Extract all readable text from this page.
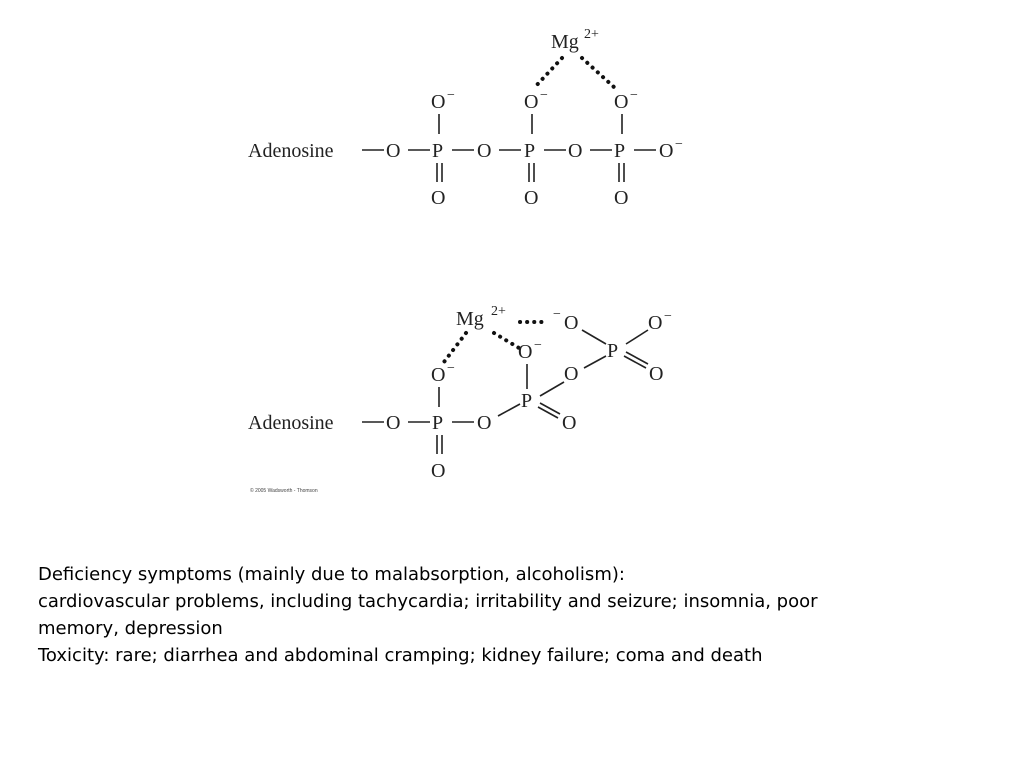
Mg 2+
O −	O −	O −
Adenosine	O P O P O P O −
O	O	O
Mg 2+	− O	O −
P
O
O
O −
P
O
O −
Adenosine	O P O
O
© 2005 Wadsworth - Thomson
Deficiency symptoms (mainly due to malabsorption, alcoholism):
cardiovascular problems, including tachycardia; irritability and seizure; insomnia, poor
memory, depression
Toxicity: rare; diarrhea and abdominal cramping; kidney failure; coma and death
